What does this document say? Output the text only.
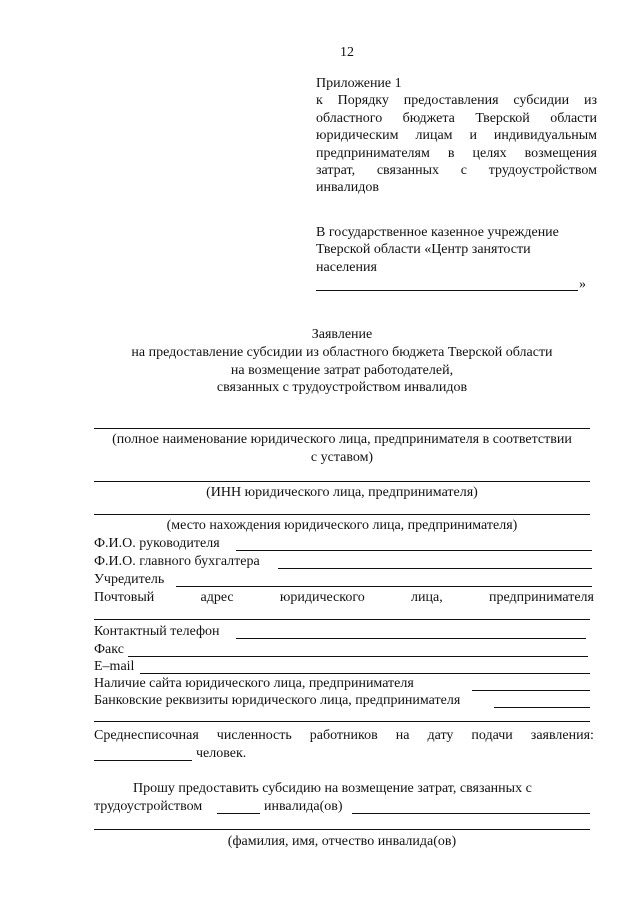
12
Приложение 1
к Порядку предоставления субсидии из
областного бюджета Тверской области
юридическим лицам и индивидуальным
предпринимателям в целях возмещения
затрат, связанных с трудоустройством
инвалидов
В государственное казенное учреждение
Тверской области «Центр занятости
населения
»
Заявление
на предоставление субсидии из областного бюджета Тверской области
на возмещение затрат работодателей,
связанных с трудоустройством инвалидов
(полное наименование юридического лица, предпринимателя в соответствии
с уставом)
(ИНН юридического лица, предпринимателя)
(место нахождения юридического лица, предпринимателя)
Ф.И.О. руководителя
Ф.И.О. главного бухгалтера
Учредитель
Почтовый	адрес	юридического	лица,	предпринимателя
Контактный телефон
Факс
E–mail
Наличие сайта юридического лица, предпринимателя
Банковские реквизиты юридического лица, предпринимателя
Среднесписочная численность работников на дату подачи заявления:
человек.
Прошу предоставить субсидию на возмещение затрат, связанных с
трудоустройством	инвалида(ов)
(фамилия, имя, отчество инвалида(ов)
